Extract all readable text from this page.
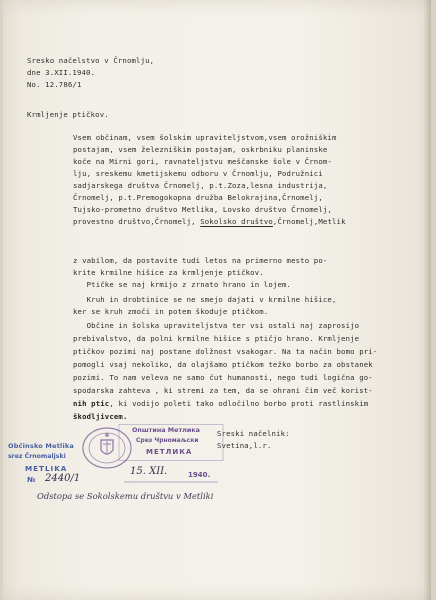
Sresko načelstvo v Črnomlju,
dne 3.XII.1940.
No. 12.786/1
Krmljenje ptičkov.
Vsem občinam, vsem šolskim upraviteljstvom,vsem orožniškim
postajam, vsem železniškim postajam, oskrbniku planinske
koče na Mirni gori, ravnateljstvu meščanske šole v Črnom-
lju, sreskemu kmetijskemu odboru v Črnomlju, Podružnici
sadjarskega društva Črnomelj, p.t.Zoza,lesna industrija,
Črnomelj, p.t.Premogokopna družba Belokrajina,Črnomelj,
Tujsko-prometno društvo Metlika, Lovsko društvo Črnomelj,
provestno društvo,Črnomelj, Sokolsko društvo,Črnomelj,Metlik
z vabilom, da postavite tudi letos na primerno mesto po-
krite krmilne hišice za krmljenje ptičkov.
Ptičke se naj krmijo z zrnato hrano in lojem.
Kruh in drobtinice se ne smejo dajati v krmilne hišice,
ker se kruh zmoči in potem škoduje ptičkom.
Občine in šolska upraviteljstva ter vsi ostali naj zaprosijo
prebivalstvo, da polni krmilne hišice s ptičjo hrano. Krmljenje
ptičkov pozimi naj postane dolžnost vsakogar. Na ta način bomo pri-
pomogli vsaj nekoliko, da olajšamo ptičkom težko borbo za obstanek
pozimi. To nam veleva ne samo čut humanosti, nego tudi logična go-
spodarska zahteva , ki stremi za tem, da se ohrani čim več korist-
nih ptic, ki vodijo poleti tako odločilno borbo proti rastlinskim
škodljivcem.
Sreski načelnik:
Svetina,l.r.
Občinsko Metlika
srez Črnomaljski
METLIKA
№ 2440/1
Општина Метлика
Срез Чрномаљски
МЕТЛИКА
15. XII.	1940.
Odstopa se Sokolskemu društvu v Metliki
